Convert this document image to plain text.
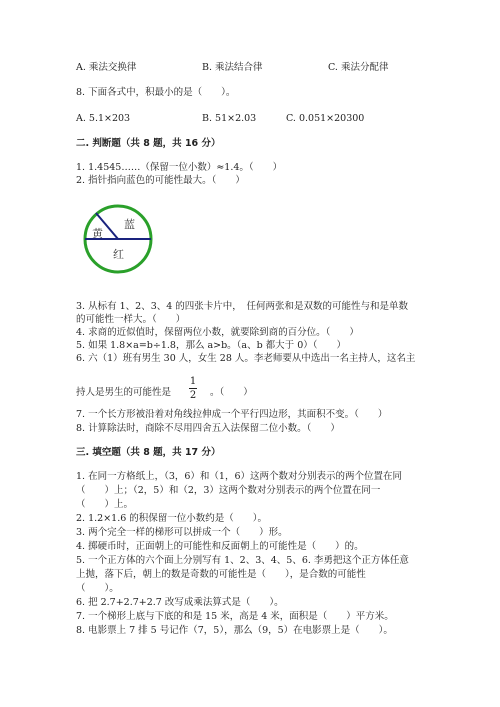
A. 乘法交换律	B. 乘法结合律	C. 乘法分配律
8. 下面各式中，积最小的是（　　）。
A. 5.1×203	B. 51×2.03	C. 0.051×20300
二. 判断题（共 8 题，共 16 分）
1. 1.4545……（保留一位小数）≈1.4。（　　）
2. 指针指向蓝色的可能性最大。（　　）
蓝
黄
红
3. 从标有 1、2、3、4 的四张卡片中，　任何两张和是双数的可能性与和是单数
的可能性一样大。（　　）
4. 求商的近似值时，保留两位小数，就要除到商的百分位。（　　）
5. 如果 1.8×a=b÷1.8，那么 a>b。（a、b 都大于 0）（　　）
6. 六（1）班有男生 30 人，女生 28 人。李老师要从中选出一名主持人，这名主
持人是男生的可能性是
1
2 。（　　）
7. 一个长方形被沿着对角线拉伸成一个平行四边形，其面积不变。（　　）
8. 计算除法时，商除不尽用四舍五入法保留二位小数。（　　）
三. 填空题（共 8 题，共 17 分）
1. 在同一方格纸上，（3，6）和（1，6）这两个数对分别表示的两个位置在同
（　　）上；（2，5）和（2，3）这两个数对分别表示的两个位置在同一
（　　）上。
2. 1.2×1.6 的积保留一位小数约是（　　）。
3. 两个完全一样的梯形可以拼成一个（　　）形。
4. 掷硬币时，正面朝上的可能性和反面朝上的可能性是（　　）的。
5. 一个正方体的六个面上分别写有 1、2、3、4、5、6. 李勇把这个正方体任意
上抛，落下后，朝上的数是奇数的可能性是（　　），是合数的可能性
（　　）。
6. 把 2.7+2.7+2.7 改写成乘法算式是（　　）。
7. 一个梯形上底与下底的和是 15 米，高是 4 米，面积是（　　）平方米。
8. 电影票上 7 排 5 号记作（7，5），那么（9，5）在电影票上是（　　）。
